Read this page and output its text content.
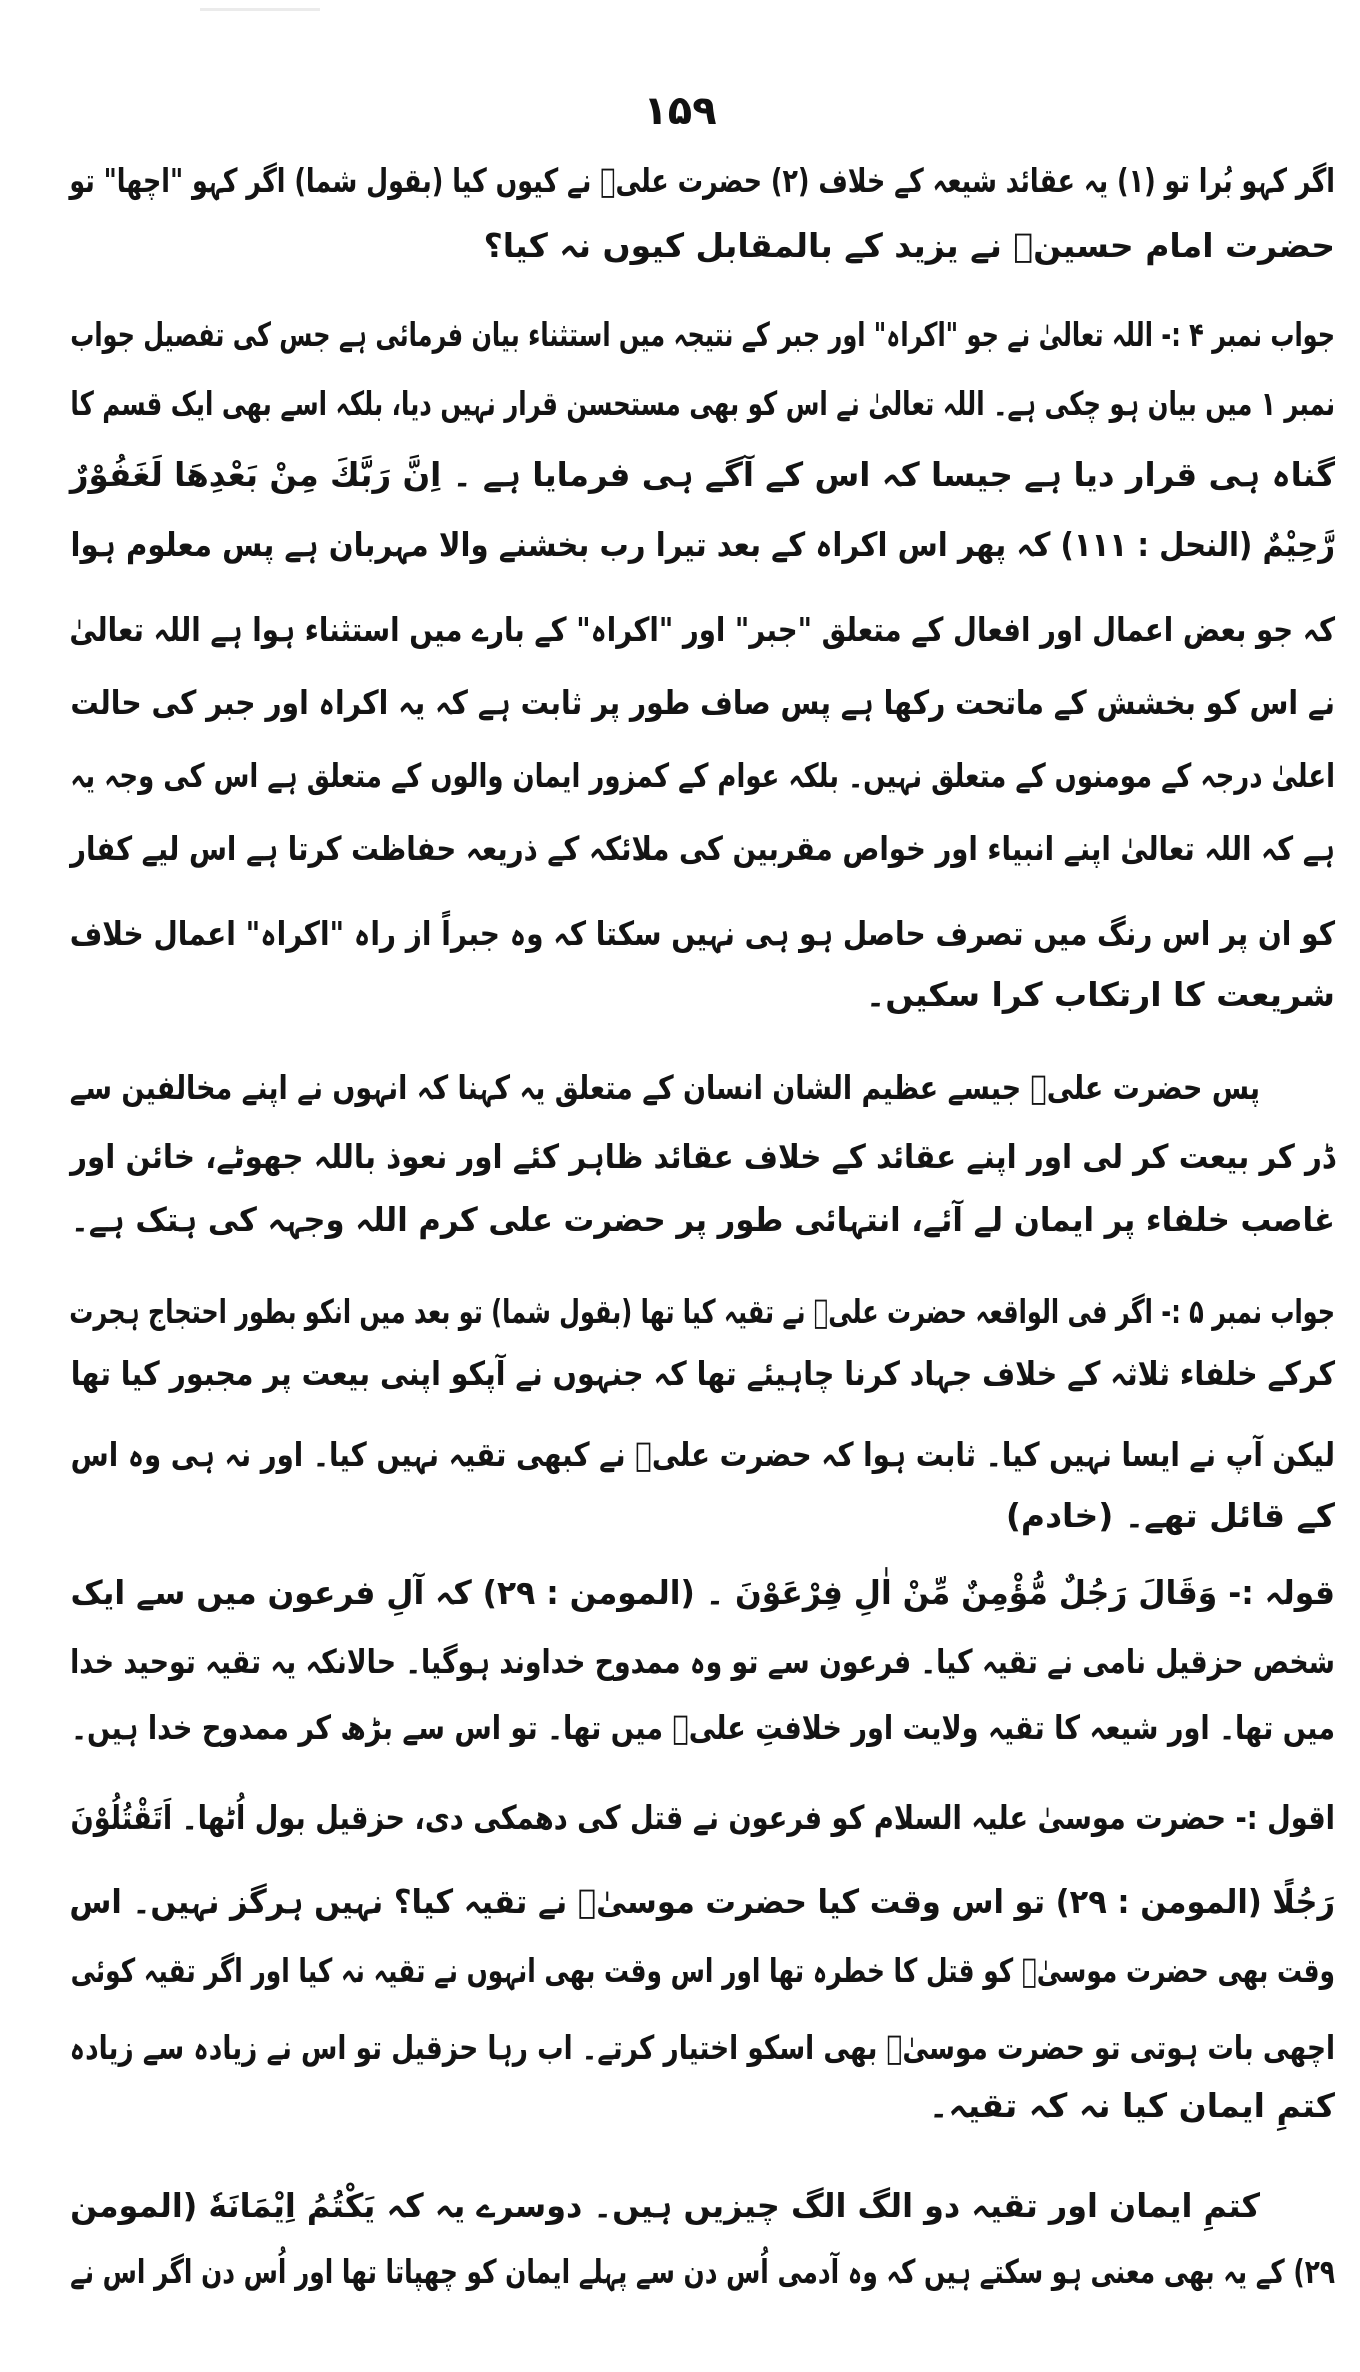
۱۵۹
اگر کہو بُرا تو (۱) یہ عقائد شیعہ کے خلاف (۲) حضرت علیؓ نے کیوں کیا (بقول شما) اگر کہو "اچھا" تو
حضرت امام حسینؓ نے یزید کے بالمقابل کیوں نہ کیا؟
جواب نمبر ۴ :- اللہ تعالیٰ نے جو "اکراہ" اور جبر کے نتیجہ میں استثناء بیان فرمائی ہے جس کی تفصیل جواب
نمبر ۱ میں بیان ہو چکی ہے۔ اللہ تعالیٰ نے اس کو بھی مستحسن قرار نہیں دیا، بلکہ اسے بھی ایک قسم کا
گناہ ہی قرار دیا ہے جیسا کہ اس کے آگے ہی فرمایا ہے ۔ اِنَّ رَبَّكَ مِنْ بَعْدِهَا لَغَفُوْرٌ
رَّحِيْمٌ (النحل : ۱۱۱) کہ پھر اس اکراہ کے بعد تیرا رب بخشنے والا مہربان ہے پس معلوم ہوا
کہ جو بعض اعمال اور افعال کے متعلق "جبر" اور "اکراہ" کے بارے میں استثناء ہوا ہے اللہ تعالیٰ
نے اس کو بخشش کے ماتحت رکھا ہے پس صاف طور پر ثابت ہے کہ یہ اکراہ اور جبر کی حالت
اعلیٰ درجہ کے مومنوں کے متعلق نہیں۔ بلکہ عوام کے کمزور ایمان والوں کے متعلق ہے اس کی وجہ یہ
ہے کہ اللہ تعالیٰ اپنے انبیاء اور خواص مقربین کی ملائکہ کے ذریعہ حفاظت کرتا ہے اس لیے کفار
کو ان پر اس رنگ میں تصرف حاصل ہو ہی نہیں سکتا کہ وہ جبراً از راہ "اکراہ" اعمال خلاف
شریعت کا ارتکاب کرا سکیں۔
پس حضرت علیؓ جیسے عظیم الشان انسان کے متعلق یہ کہنا کہ انہوں نے اپنے مخالفین سے
ڈر کر بیعت کر لی اور اپنے عقائد کے خلاف عقائد ظاہر کئے اور نعوذ باللہ جھوٹے، خائن اور
غاصب خلفاء پر ایمان لے آئے، انتہائی طور پر حضرت علی کرم اللہ وجہہ کی ہتک ہے۔
جواب نمبر ۵ :- اگر فی الواقعہ حضرت علیؓ نے تقیہ کیا تھا (بقول شما) تو بعد میں انکو بطور احتجاج ہجرت
کرکے خلفاء ثلاثہ کے خلاف جہاد کرنا چاہیئے تھا کہ جنہوں نے آپکو اپنی بیعت پر مجبور کیا تھا
لیکن آپ نے ایسا نہیں کیا۔ ثابت ہوا کہ حضرت علیؓ نے کبھی تقیہ نہیں کیا۔ اور نہ ہی وہ اس
کے قائل تھے۔ (خادم)
قولہ :- وَقَالَ رَجُلٌ مُّؤْمِنٌ مِّنْ اٰلِ فِرْعَوْنَ ۔ (المومن : ۲۹) کہ آلِ فرعون میں سے ایک
شخص حزقیل نامی نے تقیہ کیا۔ فرعون سے تو وہ ممدوح خداوند ہوگیا۔ حالانکہ یہ تقیہ توحید خدا
میں تھا۔ اور شیعہ کا تقیہ ولایت اور خلافتِ علیؓ میں تھا۔ تو اس سے بڑھ کر ممدوح خدا ہیں۔
اقول :- حضرت موسیٰ علیہ السلام کو فرعون نے قتل کی دھمکی دی، حزقیل بول اُٹھا۔ اَتَقْتُلُوْنَ
رَجُلًا (المومن : ۲۹) تو اس وقت کیا حضرت موسیٰؑ نے تقیہ کیا؟ نہیں ہرگز نہیں۔ اس
وقت بھی حضرت موسیٰؑ کو قتل کا خطرہ تھا اور اس وقت بھی انہوں نے تقیہ نہ کیا اور اگر تقیہ کوئی
اچھی بات ہوتی تو حضرت موسیٰؑ بھی اسکو اختیار کرتے۔ اب رہا حزقیل تو اس نے زیادہ سے زیادہ
کتمِ ایمان کیا نہ کہ تقیہ۔
کتمِ ایمان اور تقیہ دو الگ الگ چیزیں ہیں۔ دوسرے یہ کہ یَكْتُمُ اِيْمَانَهٗ (المومن
۲۹) کے یہ بھی معنی ہو سکتے ہیں کہ وہ آدمی اُس دن سے پہلے ایمان کو چھپاتا تھا اور اُس دن اگر اس نے
